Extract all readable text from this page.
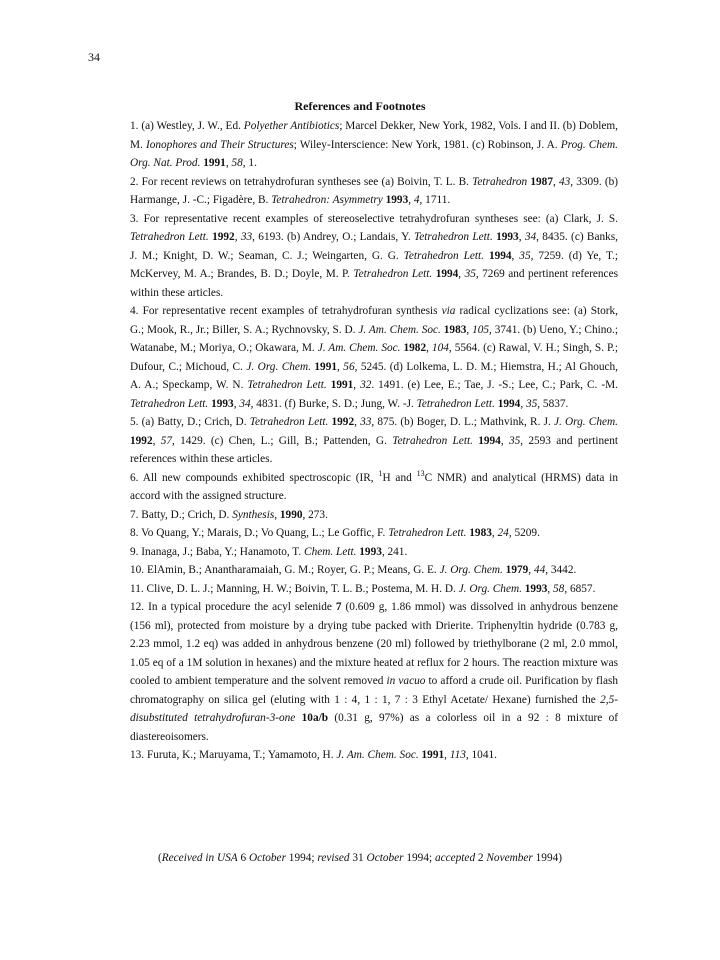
34
References and Footnotes

1. (a) Westley, J. W., Ed. Polyether Antibiotics; Marcel Dekker, New York, 1982, Vols. I and II. (b) Doblem, M. Ionophores and Their Structures; Wiley-Interscience: New York, 1981. (c) Robinson, J. A. Prog. Chem. Org. Nat. Prod. 1991, 58, 1.

2. For recent reviews on tetrahydrofuran syntheses see (a) Boivin, T. L. B. Tetrahedron 1987, 43, 3309. (b) Harmange, J. -C.; Figadère, B. Tetrahedron: Asymmetry 1993, 4, 1711.

3. For representative recent examples of stereoselective tetrahydrofuran syntheses see: (a) Clark, J. S. Tetrahedron Lett. 1992, 33, 6193. (b) Andrey, O.; Landais, Y. Tetrahedron Lett. 1993, 34, 8435. (c) Banks, J. M.; Knight, D. W.; Seaman, C. J.; Weingarten, G. G. Tetrahedron Lett. 1994, 35, 7259. (d) Ye, T.; McKervey, M. A.; Brandes, B. D.; Doyle, M. P. Tetrahedron Lett. 1994, 35, 7269 and pertinent references within these articles.

4. For representative recent examples of tetrahydrofuran synthesis via radical cyclizations see: (a) Stork, G.; Mook, R., Jr.; Biller, S. A.; Rychnovsky, S. D. J. Am. Chem. Soc. 1983, 105, 3741. (b) Ueno, Y.; Chino.; Watanabe, M.; Moriya, O.; Okawara, M. J. Am. Chem. Soc. 1982, 104, 5564. (c) Rawal, V. H.; Singh, S. P.; Dufour, C.; Michoud, C. J. Org. Chem. 1991, 56, 5245. (d) Lolkema, L. D. M.; Hiemstra, H.; Al Ghouch, A. A.; Speckamp, W. N. Tetrahedron Lett. 1991, 32. 1491. (e) Lee, E.; Tae, J. -S.; Lee, C.; Park, C. -M. Tetrahedron Lett. 1993, 34, 4831. (f) Burke, S. D.; Jung, W. -J. Tetrahedron Lett. 1994, 35, 5837.

5. (a) Batty, D.; Crich, D. Tetrahedron Lett. 1992, 33, 875. (b) Boger, D. L.; Mathvink, R. J. J. Org. Chem. 1992, 57, 1429. (c) Chen, L.; Gill, B.; Pattenden, G. Tetrahedron Lett. 1994, 35, 2593 and pertinent references within these articles.

6. All new compounds exhibited spectroscopic (IR, $^1$H and $^{13}$C NMR) and analytical (HRMS) data in accord with the assigned structure.

7. Batty, D.; Crich, D. Synthesis, 1990, 273.

8. Vo Quang, Y.; Marais, D.; Vo Quang, L.; Le Goffic, F. Tetrahedron Lett. 1983, 24, 5209.

9. Inanaga, J.; Baba, Y.; Hanamoto, T. Chem. Lett. 1993, 241.

10. ElAmin, B.; Anantharamaiah, G. M.; Royer, G. P.; Means, G. E. J. Org. Chem. 1979, 44, 3442.

11. Clive, D. L. J.; Manning, H. W.; Boivin, T. L. B.; Postema, M. H. D. J. Org. Chem. 1993, 58, 6857.

12. In a typical procedure the acyl selenide 7 (0.609 g, 1.86 mmol) was dissolved in anhydrous benzene (156 ml), protected from moisture by a drying tube packed with Drierite. Triphenyltin hydride (0.783 g, 2.23 mmol, 1.2 eq) was added in anhydrous benzene (20 ml) followed by triethylborane (2 ml, 2.0 mmol, 1.05 eq of a 1M solution in hexanes) and the mixture heated at reflux for 2 hours. The reaction mixture was cooled to ambient temperature and the solvent removed in vacuo to afford a crude oil. Purification by flash chromatography on silica gel (eluting with 1 : 4, 1 : 1, 7 : 3 Ethyl Acetate/ Hexane) furnished the 2,5-disubstituted tetrahydrofuran-3-one 10a/b (0.31 g, 97%) as a colorless oil in a 92 : 8 mixture of diastereoisomers.

13. Furuta, K.; Maruyama, T.; Yamamoto, H. J. Am. Chem. Soc. 1991, 113, 1041.

(Received in USA 6 October 1994; revised 31 October 1994; accepted 2 November 1994)
